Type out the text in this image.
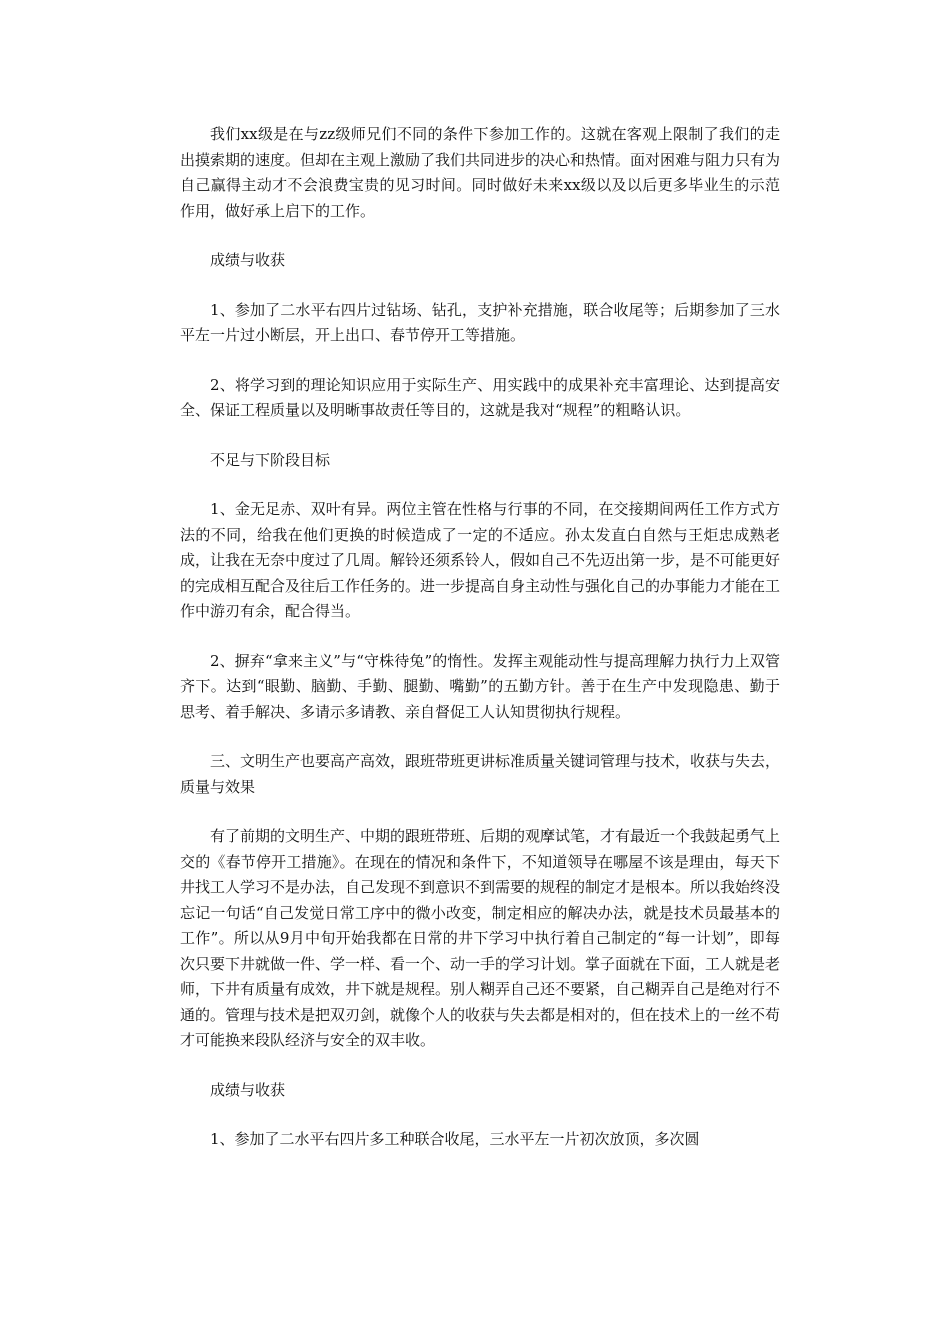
我们xx级是在与zz级师兄们不同的条件下参加工作的。这就在客观上限制了我们的走出摸索期的速度。但却在主观上激励了我们共同进步的决心和热情。面对困难与阻力只有为自己赢得主动才不会浪费宝贵的见习时间。同时做好未来xx级以及以后更多毕业生的示范作用，做好承上启下的工作。

成绩与收获

1、参加了二水平右四片过钻场、钻孔，支护补充措施，联合收尾等；后期参加了三水平左一片过小断层，开上出口、春节停开工等措施。

2、将学习到的理论知识应用于实际生产、用实践中的成果补充丰富理论、达到提高安全、保证工程质量以及明晰事故责任等目的，这就是我对“规程”的粗略认识。

不足与下阶段目标

1、金无足赤、双叶有异。两位主管在性格与行事的不同，在交接期间两任工作方式方法的不同，给我在他们更换的时候造成了一定的不适应。孙太发直白自然与王炬忠成熟老成，让我在无奈中度过了几周。解铃还须系铃人，假如自己不先迈出第一步，是不可能更好的完成相互配合及往后工作任务的。进一步提高自身主动性与强化自己的办事能力才能在工作中游刃有余，配合得当。

2、摒弃“拿来主义”与“守株待兔”的惰性。发挥主观能动性与提高理解力执行力上双管齐下。达到“眼勤、脑勤、手勤、腿勤、嘴勤”的五勤方针。善于在生产中发现隐患、勤于思考、着手解决、多请示多请教、亲自督促工人认知贯彻执行规程。

三、文明生产也要高产高效，跟班带班更讲标准质量关键词管理与技术，收获与失去，质量与效果

有了前期的文明生产、中期的跟班带班、后期的观摩试笔，才有最近一个我鼓起勇气上交的《春节停开工措施》。在现在的情况和条件下，不知道领导在哪屋不该是理由，每天下井找工人学习不是办法，自己发现不到意识不到需要的规程的制定才是根本。所以我始终没忘记一句话“自己发觉日常工序中的微小改变，制定相应的解决办法，就是技术员最基本的工作”。所以从9月中旬开始我都在日常的井下学习中执行着自己制定的“每一计划”，即每次只要下井就做一件、学一样、看一个、动一手的学习计划。掌子面就在下面，工人就是老师，下井有质量有成效，井下就是规程。别人糊弄自己还不要紧，自己糊弄自己是绝对行不通的。管理与技术是把双刃剑，就像个人的收获与失去都是相对的，但在技术上的一丝不苟才可能换来段队经济与安全的双丰收。

成绩与收获

1、参加了二水平右四片多工种联合收尾，三水平左一片初次放顶，多次圆
